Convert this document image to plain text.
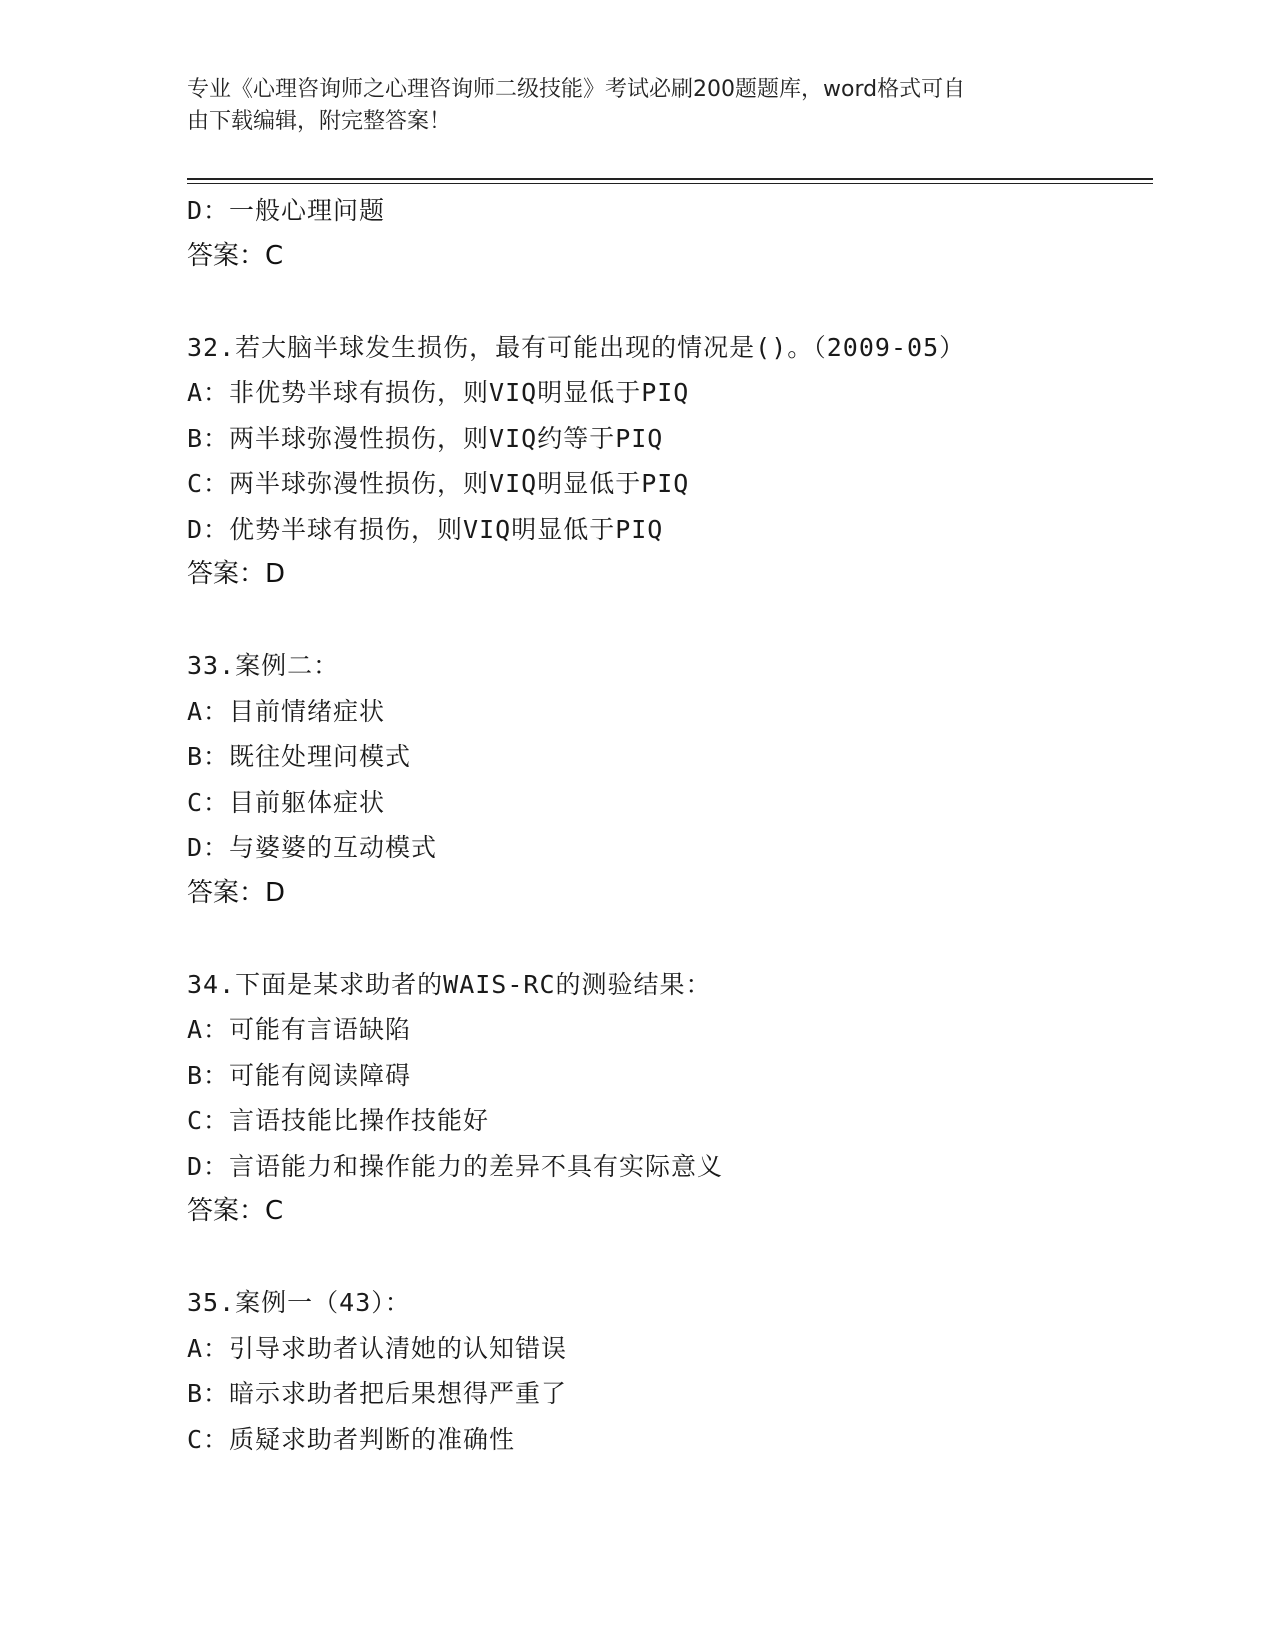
专业《心理咨询师之心理咨询师二级技能》考试必刷200题题库，word格式可自
由下载编辑，附完整答案！
D：一般心理问题
答案：C
32.若大脑半球发生损伤，最有可能出现的情况是()。（2009-05）
A：非优势半球有损伤，则VIQ明显低于PIQ
B：两半球弥漫性损伤，则VIQ约等于PIQ
C：两半球弥漫性损伤，则VIQ明显低于PIQ
D：优势半球有损伤，则VIQ明显低于PIQ
答案：D
33.案例二：
A：目前情绪症状
B：既往处理问模式
C：目前躯体症状
D：与婆婆的互动模式
答案：D
34.下面是某求助者的WAIS-RC的测验结果：
A：可能有言语缺陷
B：可能有阅读障碍
C：言语技能比操作技能好
D：言语能力和操作能力的差异不具有实际意义
答案：C
35.案例一（43）：
A：引导求助者认清她的认知错误
B：暗示求助者把后果想得严重了
C：质疑求助者判断的准确性
